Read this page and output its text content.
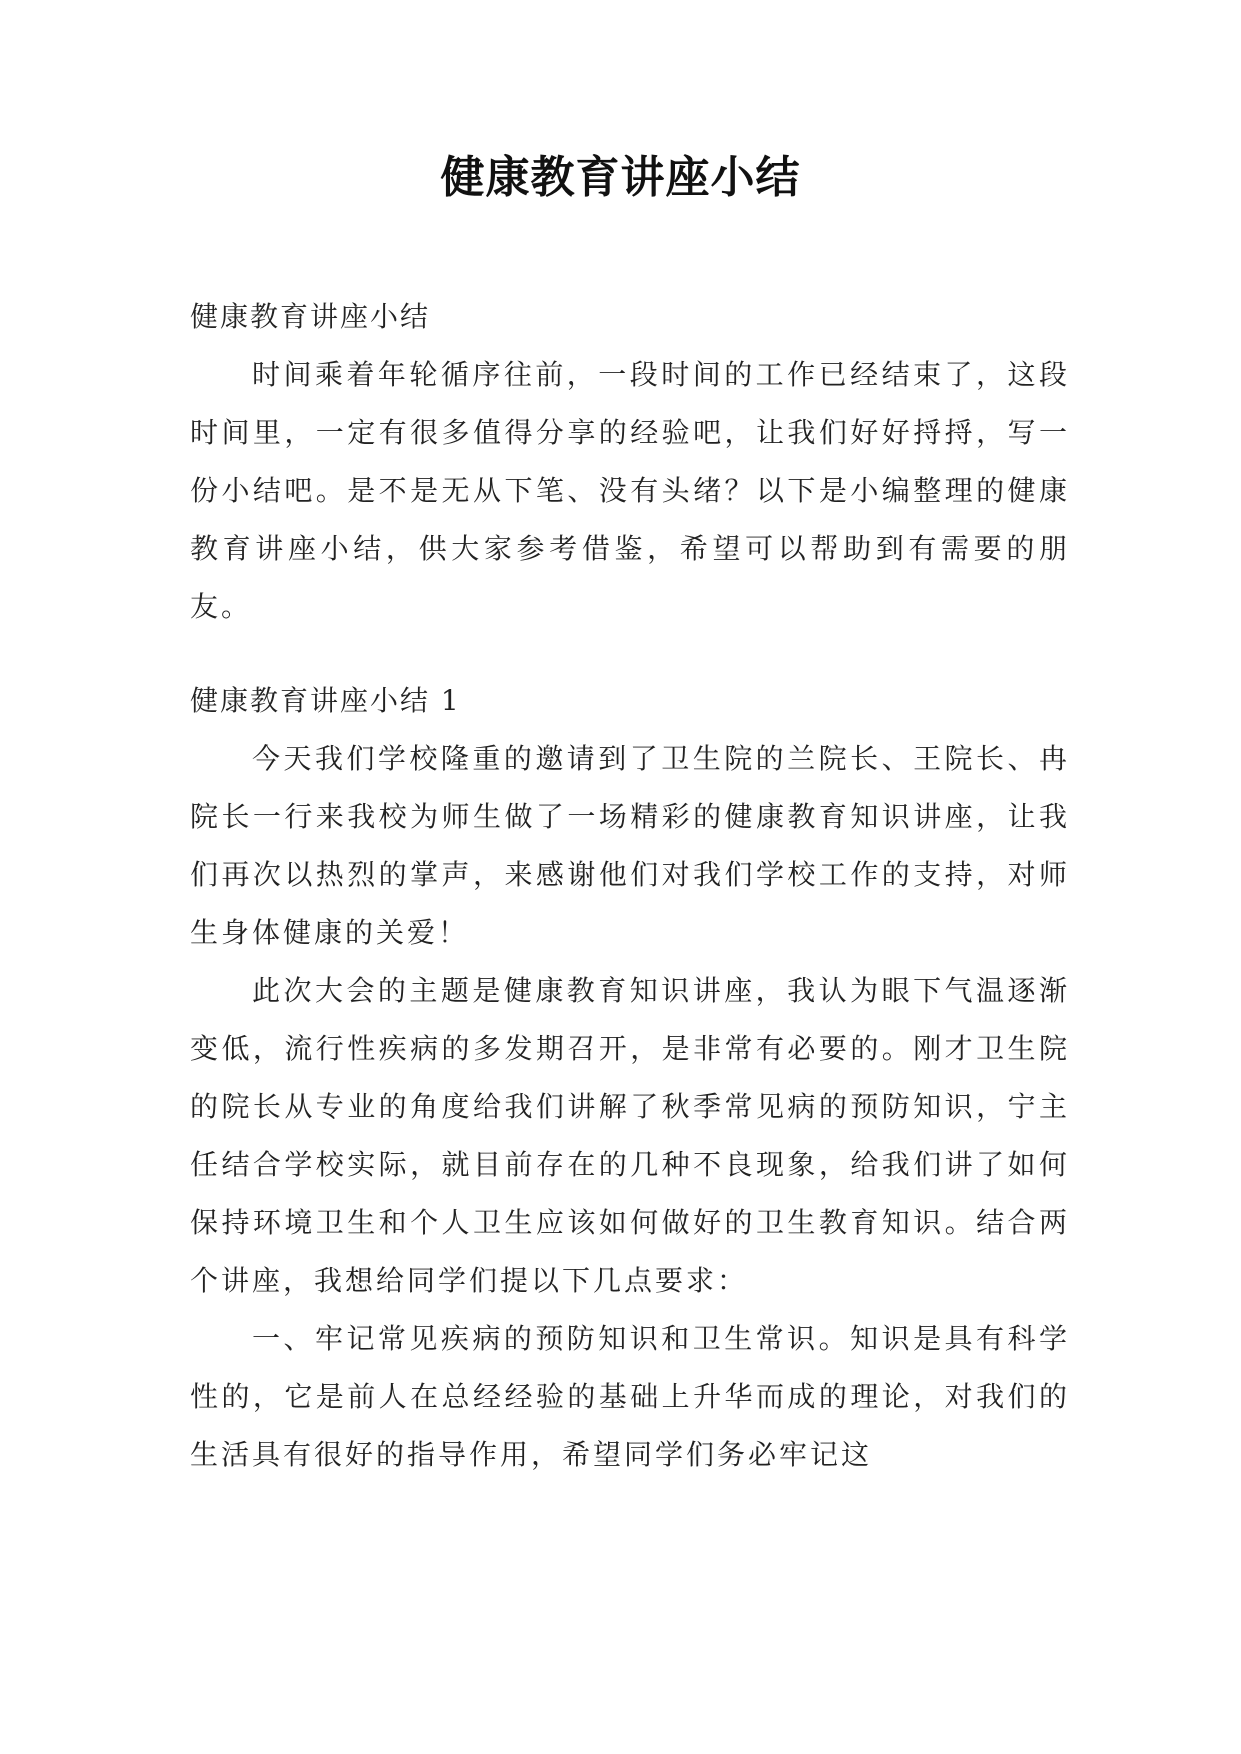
健康教育讲座小结

健康教育讲座小结

时间乘着年轮循序往前，一段时间的工作已经结束了，这段时间里，一定有很多值得分享的经验吧，让我们好好捋捋，写一份小结吧。是不是无从下笔、没有头绪？以下是小编整理的健康教育讲座小结，供大家参考借鉴，希望可以帮助到有需要的朋友。

健康教育讲座小结 1

今天我们学校隆重的邀请到了卫生院的兰院长、王院长、冉院长一行来我校为师生做了一场精彩的健康教育知识讲座，让我们再次以热烈的掌声，来感谢他们对我们学校工作的支持，对师生身体健康的关爱！

此次大会的主题是健康教育知识讲座，我认为眼下气温逐渐变低，流行性疾病的多发期召开，是非常有必要的。刚才卫生院的院长从专业的角度给我们讲解了秋季常见病的预防知识，宁主任结合学校实际，就目前存在的几种不良现象，给我们讲了如何保持环境卫生和个人卫生应该如何做好的卫生教育知识。结合两个讲座，我想给同学们提以下几点要求：

一、牢记常见疾病的预防知识和卫生常识。知识是具有科学性的，它是前人在总经经验的基础上升华而成的理论，对我们的生活具有很好的指导作用，希望同学们务必牢记这
